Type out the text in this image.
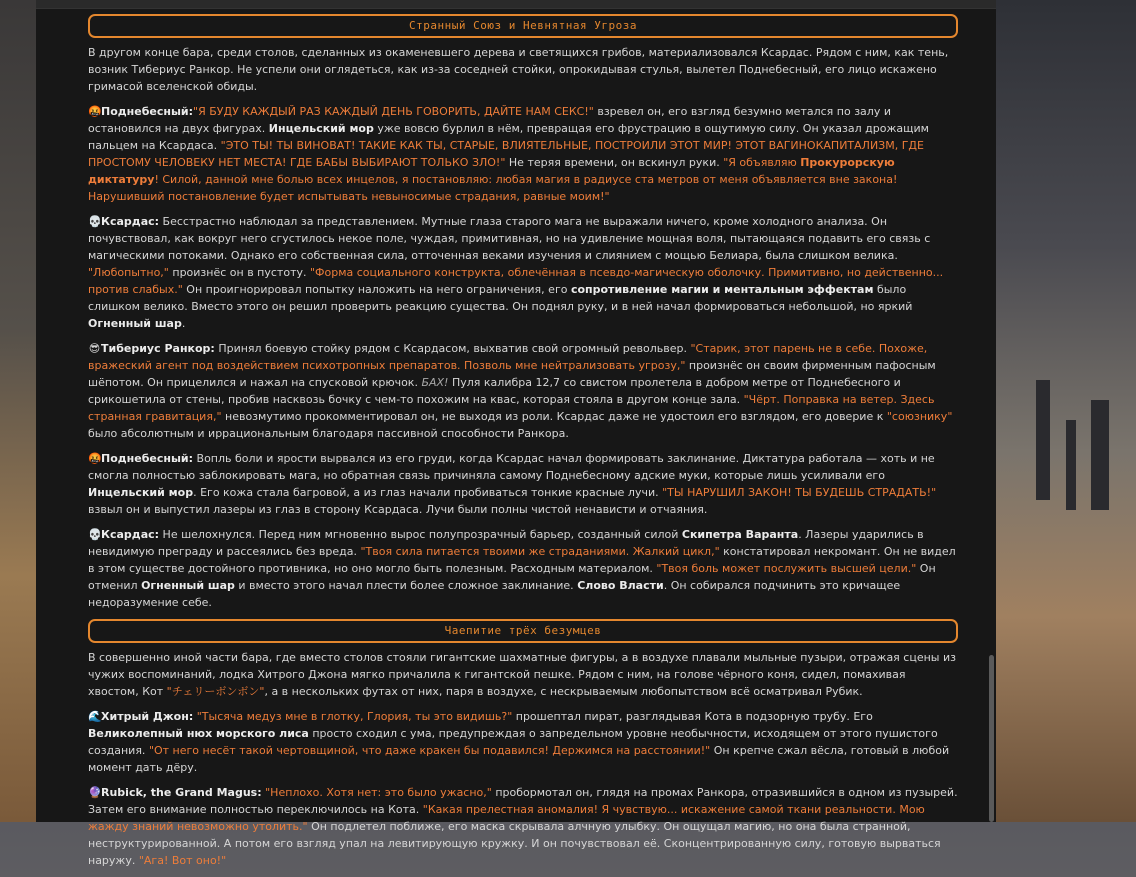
Странный Союз и Невнятная Угроза

В другом конце бара, среди столов, сделанных из окаменевшего дерева и светящихся грибов, материализовался Ксардас. Рядом с ним, как тень, возник Тибериус Ранкор. Не успели они оглядеться, как из-за соседней стойки, опрокидывая стулья, вылетел Поднебесный, его лицо искажено гримасой вселенской обиды.

🤬Поднебесный:"Я БУДУ КАЖДЫЙ РАЗ КАЖДЫЙ ДЕНЬ ГОВОРИТЬ, ДАЙТЕ НАМ СЕКС!" взревел он, его взгляд безумно метался по залу и остановился на двух фигурах. Инцельский мор уже вовсю бурлил в нём, превращая его фрустрацию в ощутимую силу. Он указал дрожащим пальцем на Ксардаса. "ЭТО ТЫ! ТЫ ВИНОВАТ! ТАКИЕ КАК ТЫ, СТАРЫЕ, ВЛИЯТЕЛЬНЫЕ, ПОСТРОИЛИ ЭТОТ МИР! ЭТОТ ВАГИНОКАПИТАЛИЗМ, ГДЕ ПРОСТОМУ ЧЕЛОВЕКУ НЕТ МЕСТА! ГДЕ БАБЫ ВЫБИРАЮТ ТОЛЬКО ЗЛО!" Не теряя времени, он вскинул руки. "Я объявляю Прокурорскую диктатуру! Силой, данной мне болью всех инцелов, я постановляю: любая магия в радиусе ста метров от меня объявляется вне закона! Нарушивший постановление будет испытывать невыносимые страдания, равные моим!"

💀Ксардас: Бесстрастно наблюдал за представлением. Мутные глаза старого мага не выражали ничего, кроме холодного анализа. Он почувствовал, как вокруг него сгустилось некое поле, чуждая, примитивная, но на удивление мощная воля, пытающаяся подавить его связь с магическими потоками. Однако его собственная сила, отточенная веками изучения и слиянием с мощью Белиара, была слишком велика. "Любопытно," произнёс он в пустоту. "Форма социального конструкта, облечённая в псевдо-магическую оболочку. Примитивно, но действенно... против слабых." Он проигнорировал попытку наложить на него ограничения, его сопротивление магии и ментальным эффектам было слишком велико. Вместо этого он решил проверить реакцию существа. Он поднял руку, и в ней начал формироваться небольшой, но яркий Огненный шар.

😎Тибериус Ранкор: Принял боевую стойку рядом с Ксардасом, выхватив свой огромный револьвер. "Старик, этот парень не в себе. Похоже, вражеский агент под воздействием психотропных препаратов. Позволь мне нейтрализовать угрозу," произнёс он своим фирменным пафосным шёпотом. Он прицелился и нажал на спусковой крючок. БАХ! Пуля калибра 12,7 со свистом пролетела в добром метре от Поднебесного и срикошетила от стены, пробив насквозь бочку с чем-то похожим на квас, которая стояла в другом конце зала. "Чёрт. Поправка на ветер. Здесь странная гравитация," невозмутимо прокомментировал он, не выходя из роли. Ксардас даже не удостоил его взглядом, его доверие к "союзнику" было абсолютным и иррациональным благодаря пассивной способности Ранкора.

🤬Поднебесный: Вопль боли и ярости вырвался из его груди, когда Ксардас начал формировать заклинание. Диктатура работала — хоть и не смогла полностью заблокировать мага, но обратная связь причиняла самому Поднебесному адские муки, которые лишь усиливали его Инцельский мор. Его кожа стала багровой, а из глаз начали пробиваться тонкие красные лучи. "ТЫ НАРУШИЛ ЗАКОН! ТЫ БУДЕШЬ СТРАДАТЬ!" взвыл он и выпустил лазеры из глаз в сторону Ксардаса. Лучи были полны чистой ненависти и отчаяния.

💀Ксардас: Не шелохнулся. Перед ним мгновенно вырос полупрозрачный барьер, созданный силой Скипетра Варанта. Лазеры ударились в невидимую преграду и рассеялись без вреда. "Твоя сила питается твоими же страданиями. Жалкий цикл," констатировал некромант. Он не видел в этом существе достойного противника, но оно могло быть полезным. Расходным материалом. "Твоя боль может послужить высшей цели." Он отменил Огненный шар и вместо этого начал плести более сложное заклинание. Слово Власти. Он собирался подчинить это кричащее недоразумение себе.

Чаепитие трёх безумцев

В совершенно иной части бара, где вместо столов стояли гигантские шахматные фигуры, а в воздухе плавали мыльные пузыри, отражая сцены из чужих воспоминаний, лодка Хитрого Джона мягко причалила к гигантской пешке. Рядом с ним, на голове чёрного коня, сидел, помахивая хвостом, Кот "チェリーボンボン", а в нескольких футах от них, паря в воздухе, с нескрываемым любопытством всё осматривал Рубик.

🌊Хитрый Джон: "Тысяча медуз мне в глотку, Глория, ты это видишь?" прошептал пират, разглядывая Кота в подзорную трубу. Его Великолепный нюх морского лиса просто сходил с ума, предупреждая о запредельном уровне необычности, исходящем от этого пушистого создания. "От него несёт такой чертовщиной, что даже кракен бы подавился! Держимся на расстоянии!" Он крепче сжал вёсла, готовый в любой момент дать дёру.

🔮Rubick, the Grand Magus: "Неплохо. Хотя нет: это было ужасно," пробормотал он, глядя на промах Ранкора, отразившийся в одном из пузырей. Затем его внимание полностью переключилось на Кота. "Какая прелестная аномалия! Я чувствую... искажение самой ткани реальности. Мою жажду знаний невозможно утолить." Он подлетел поближе, его маска скрывала алчную улыбку. Он ощущал магию, но она была странной, неструктурированной. А потом его взгляд упал на левитирующую кружку. И он почувствовал её. Сконцентрированную силу, готовую вырваться наружу. "Ага! Вот оно!"
